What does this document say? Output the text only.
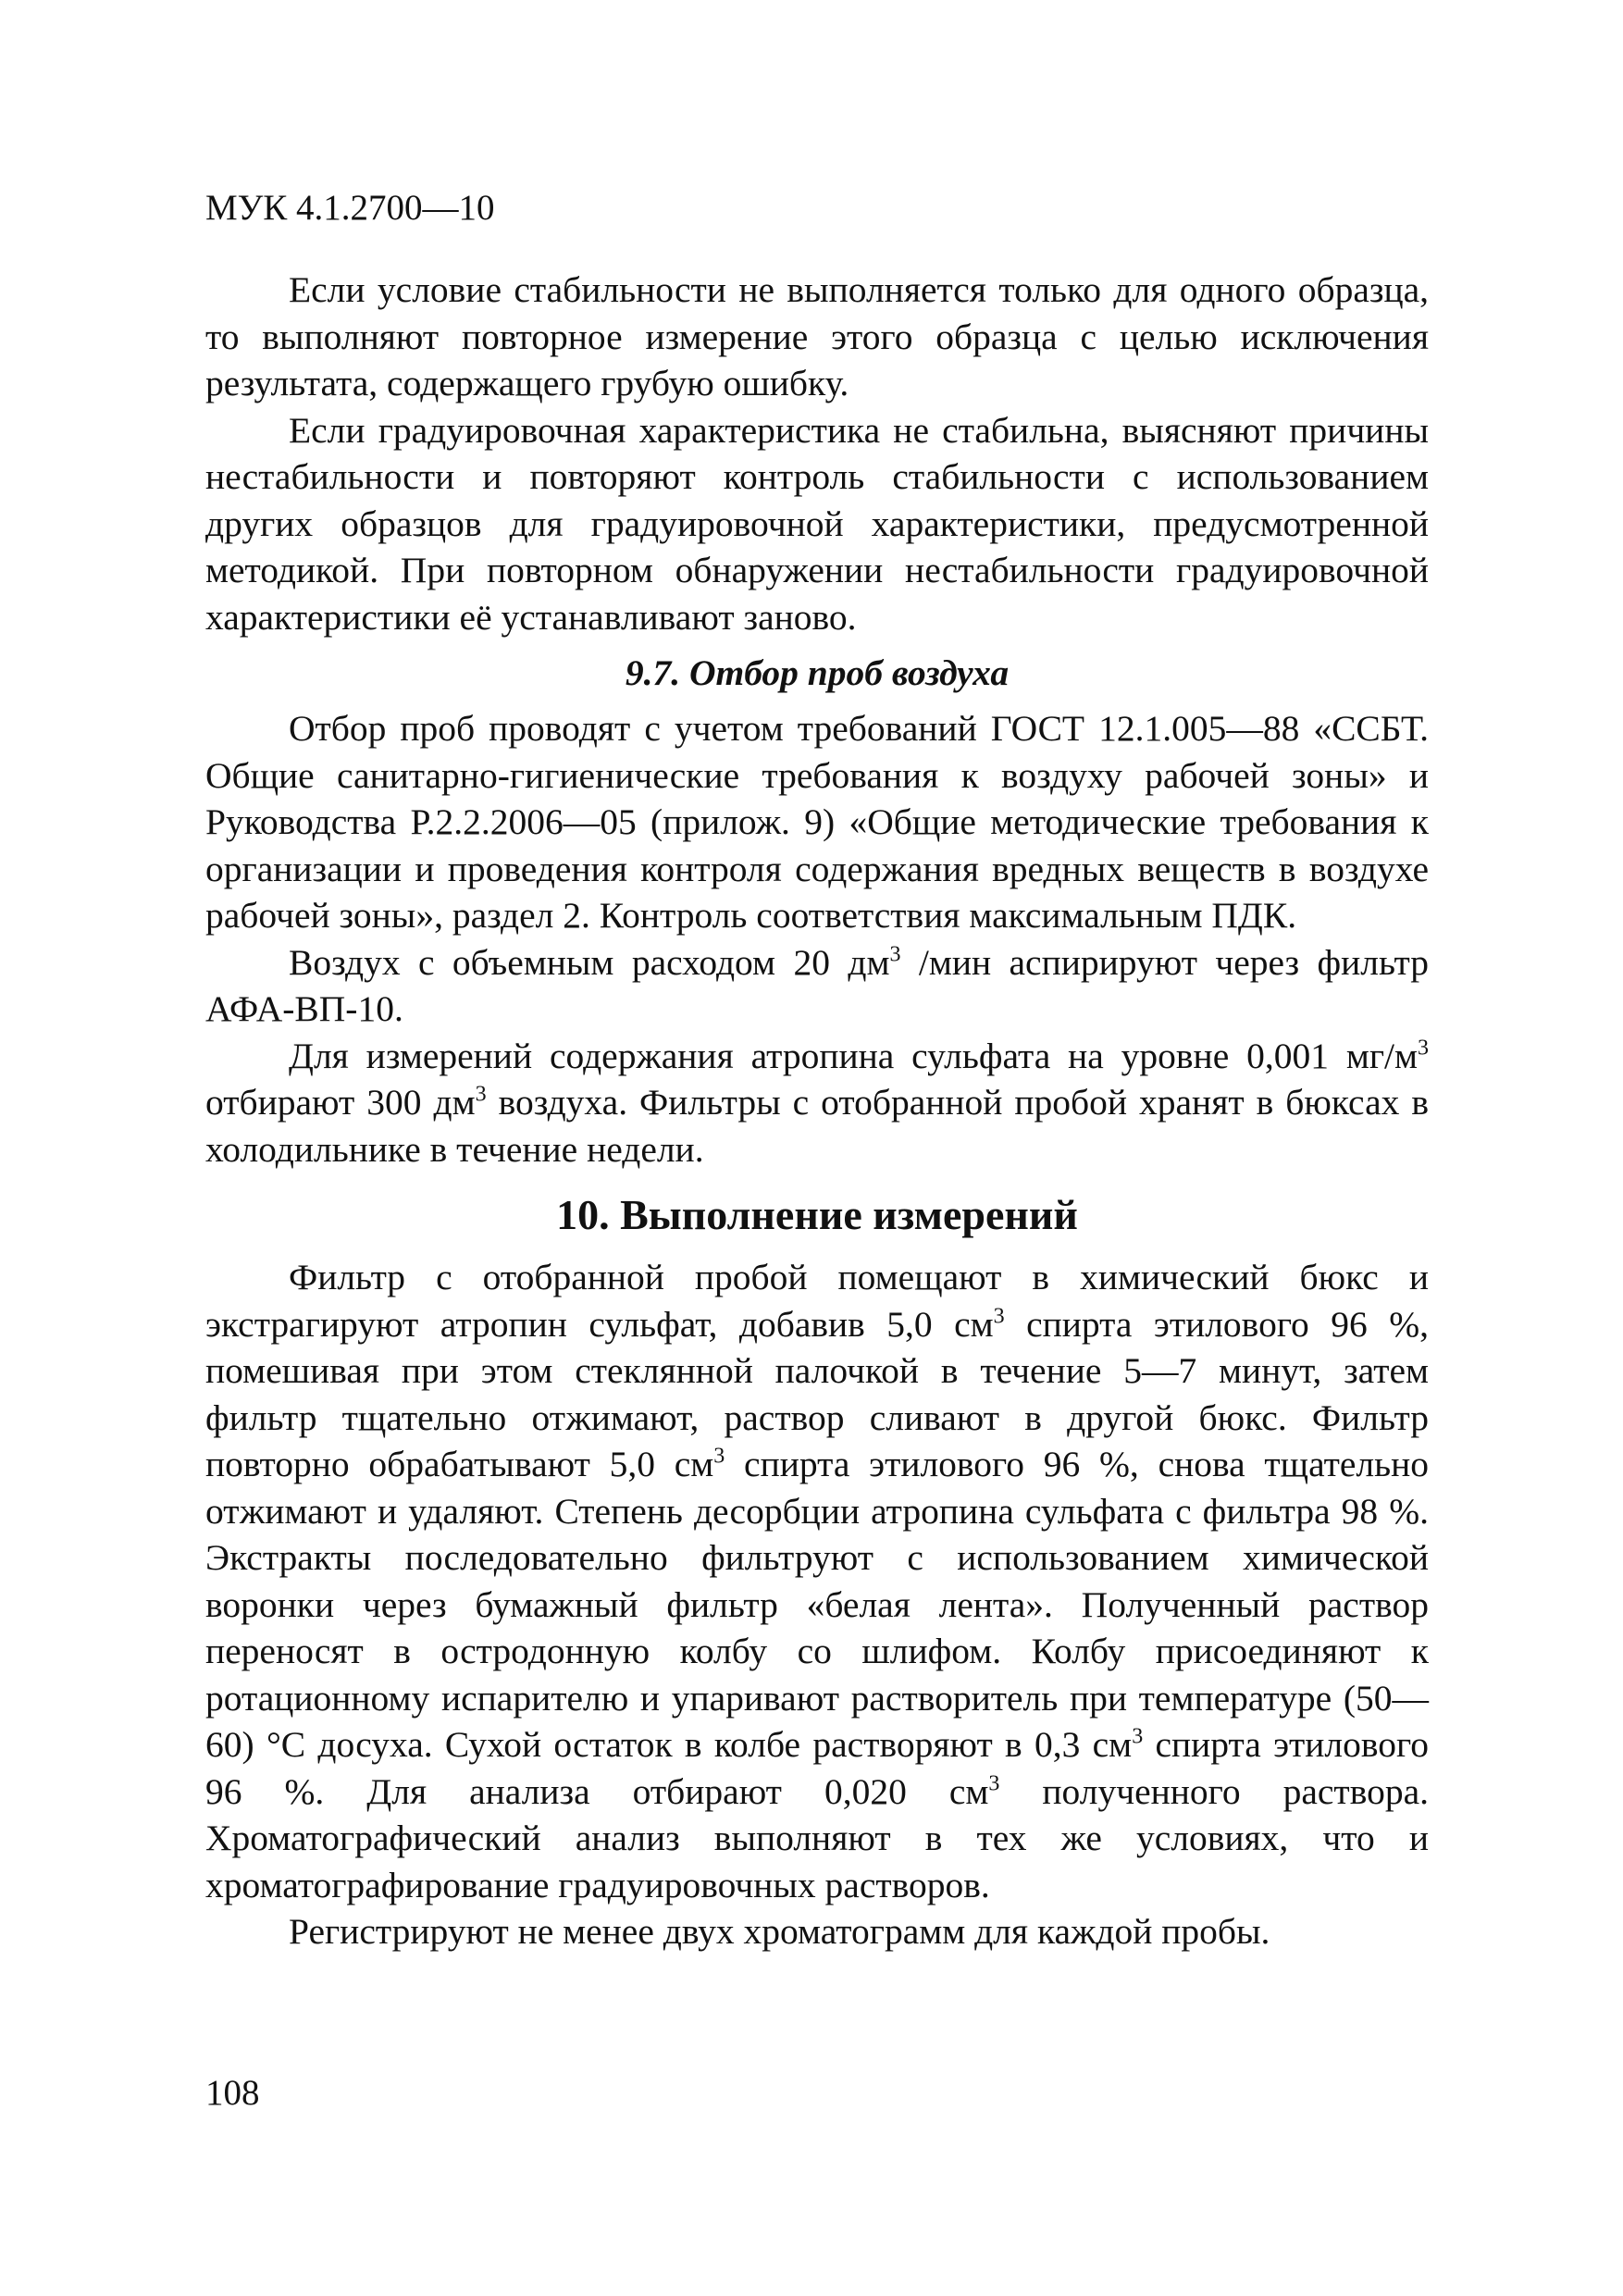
МУК 4.1.2700—10

Если условие стабильности не выполняется только для одного образца, то выполняют повторное измерение этого образца с целью исключения результата, содержащего грубую ошибку.

Если градуировочная характеристика не стабильна, выясняют причины нестабильности и повторяют контроль стабильности с использованием других образцов для градуировочной характеристики, предусмотренной методикой. При повторном обнаружении нестабильности градуировочной характеристики её устанавливают заново.

9.7. Отбор проб воздуха

Отбор проб проводят с учетом требований ГОСТ 12.1.005—88 «ССБТ. Общие санитарно-гигиенические требования к воздуху рабочей зоны» и Руководства Р.2.2.2006—05 (прилож. 9) «Общие методические требования к организации и проведения контроля содержания вредных веществ в воздухе рабочей зоны», раздел 2. Контроль соответствия максимальным ПДК.

Воздух с объемным расходом 20 $дм^3$ /мин аспирируют через фильтр АФА-ВП-10.

Для измерений содержания атропина сульфата на уровне 0,001 $мг/м^3$ отбирают 300 $дм^3$ воздуха. Фильтры с отобранной пробой хранят в бюксах в холодильнике в течение недели.

10. Выполнение измерений

Фильтр с отобранной пробой помещают в химический бюкс и экстрагируют атропин сульфат, добавив 5,0 $см^3$ спирта этилового 96 %, помешивая при этом стеклянной палочкой в течение 5—7 минут, затем фильтр тщательно отжимают, раствор сливают в другой бюкс. Фильтр повторно обрабатывают 5,0 $см^3$ спирта этилового 96 %, снова тщательно отжимают и удаляют. Степень десорбции атропина сульфата с фильтра 98 %. Экстракты последовательно фильтруют с использованием химической воронки через бумажный фильтр «белая лента». Полученный раствор переносят в остродонную колбу со шлифом. Колбу присоединяют к ротационному испарителю и упаривают растворитель при температуре (50—60) °С досуха. Сухой остаток в колбе растворяют в 0,3 $см^3$ спирта этилового 96 %. Для анализа отбирают 0,020 $см^3$ полученного раствора. Хроматографический анализ выполняют в тех же условиях, что и хроматографирование градуировочных растворов.

Регистрируют не менее двух хроматограмм для каждой пробы.

108
